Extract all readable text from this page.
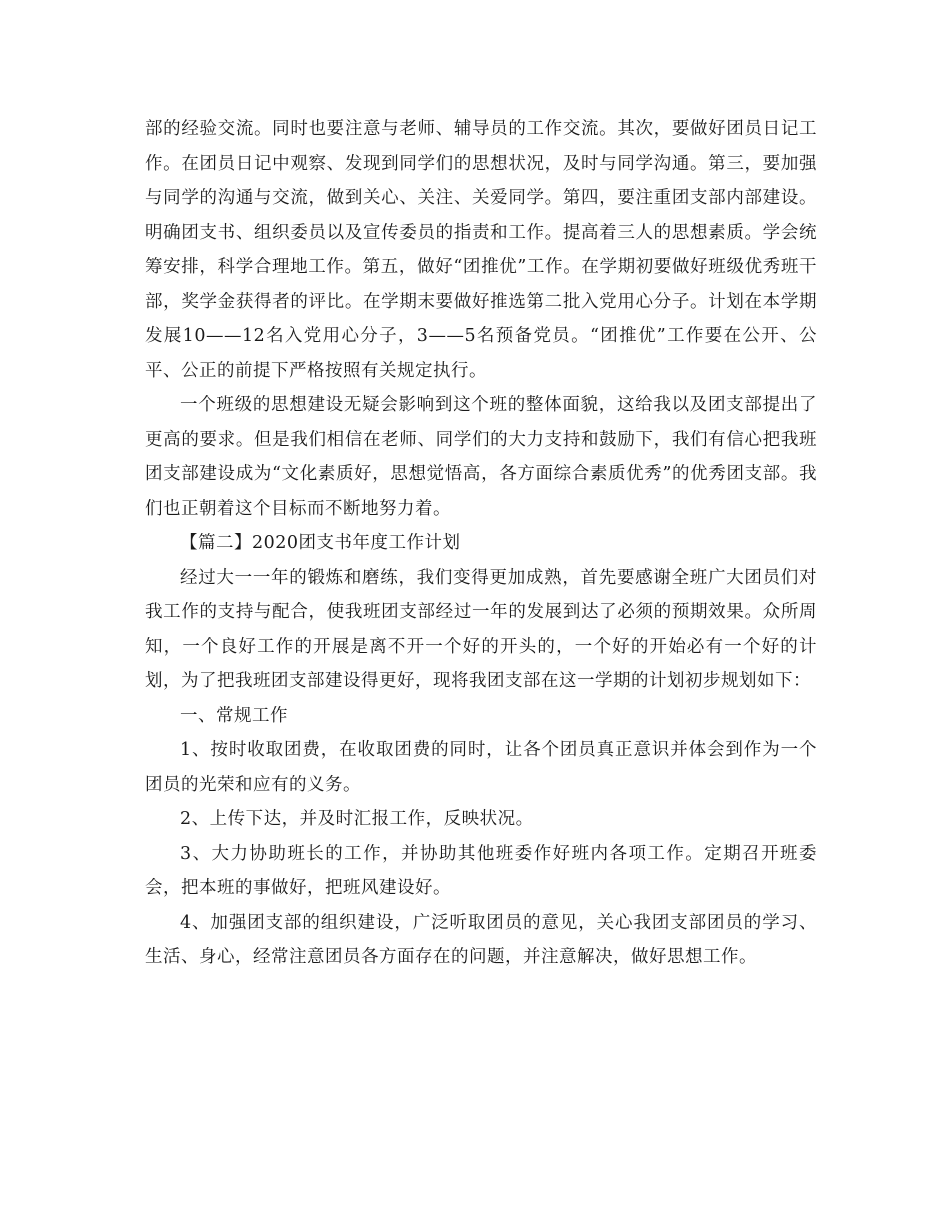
部的经验交流。同时也要注意与老师、辅导员的工作交流。其次，要做好团员日记工作。在团员日记中观察、发现到同学们的思想状况，及时与同学沟通。第三，要加强与同学的沟通与交流，做到关心、关注、关爱同学。第四，要注重团支部内部建设。明确团支书、组织委员以及宣传委员的指责和工作。提高着三人的思想素质。学会统筹安排，科学合理地工作。第五，做好“团推优”工作。在学期初要做好班级优秀班干部，奖学金获得者的评比。在学期末要做好推选第二批入党用心分子。计划在本学期发展10——12名入党用心分子，3——5名预备党员。“团推优”工作要在公开、公平、公正的前提下严格按照有关规定执行。

一个班级的思想建设无疑会影响到这个班的整体面貌，这给我以及团支部提出了更高的要求。但是我们相信在老师、同学们的大力支持和鼓励下，我们有信心把我班团支部建设成为“文化素质好，思想觉悟高，各方面综合素质优秀”的优秀团支部。我们也正朝着这个目标而不断地努力着。

【篇二】2020团支书年度工作计划

经过大一一年的锻炼和磨练，我们变得更加成熟，首先要感谢全班广大团员们对我工作的支持与配合，使我班团支部经过一年的发展到达了必须的预期效果。众所周知，一个良好工作的开展是离不开一个好的开头的，一个好的开始必有一个好的计划，为了把我班团支部建设得更好，现将我团支部在这一学期的计划初步规划如下：

一、常规工作

1、按时收取团费，在收取团费的同时，让各个团员真正意识并体会到作为一个团员的光荣和应有的义务。

2、上传下达，并及时汇报工作，反映状况。

3、大力协助班长的工作，并协助其他班委作好班内各项工作。定期召开班委会，把本班的事做好，把班风建设好。

4、加强团支部的组织建设，广泛听取团员的意见，关心我团支部团员的学习、生活、身心，经常注意团员各方面存在的问题，并注意解决，做好思想工作。
